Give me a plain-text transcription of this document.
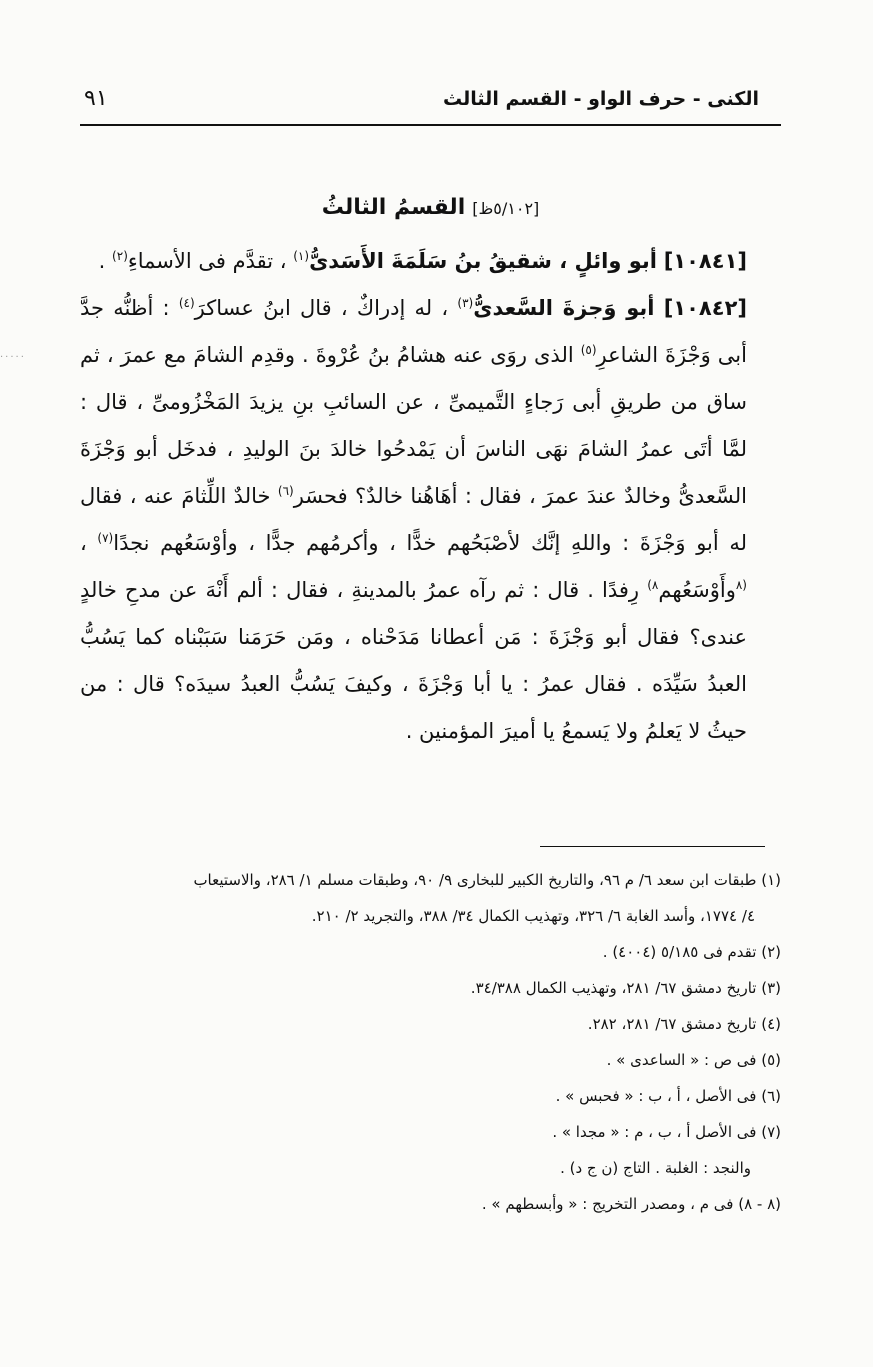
الكنى - حرف الواو - القسم الثالث
٩١
·····
[٥/١٠٢ظ] القسمُ الثالثُ

[١٠٨٤١] أبو وائلٍ ، شقيقُ بنُ سَلَمَةَ الأَسَدىُّ$^{(١)}$ ، تقدَّم فى الأسماءِ$^{(٢)}$ .

[١٠٨٤٢] أبو وَجزةَ السَّعدىُّ$^{(٣)}$ ، له إدراكٌ ، قال ابنُ عساكرَ$^{(٤)}$ : أظنُّه جدَّ أبى وَجْزَةَ الشاعرِ$^{(٥)}$ الذى روَى عنه هشامُ بنُ عُرْوةَ . وقدِم الشامَ مع عمرَ ، ثم ساق من طريقِ أبى رَجاءٍ التَّميمىِّ ، عن السائبِ بنِ يزيدَ المَخْزُومىِّ ، قال : لمَّا أتَى عمرُ الشامَ نهَى الناسَ أن يَمْدحُوا خالدَ بنَ الوليدِ ، فدخَل أبو وَجْزَةَ السَّعدىُّ وخالدٌ عندَ عمرَ ، فقال : أهَاهُنا خالدٌ؟ فحسَر$^{(٦)}$ خالدٌ اللِّثامَ عنه ، فقال له أبو وَجْزَةَ : واللهِ إنَّك لأصْبَحُهم خدًّا ، وأكرمُهم جدًّا ، وأوْسَعُهم نجدًا$^{(٧)}$ ، $^{(٨}$وأَوْسَعُهم$^{٨)}$ رِفدًا . قال : ثم رآه عمرُ بالمدينةِ ، فقال : ألم أَنْهَ عن مدحِ خالدٍ عندى؟ فقال أبو وَجْزَةَ : مَن أعطانا مَدَحْناه ، ومَن حَرَمَنا سَبَبْناه كما يَسُبُّ العبدُ سَيِّدَه . فقال عمرُ : يا أبا وَجْزَةَ ، وكيفَ يَسُبُّ العبدُ سيدَه؟ قال : من حيثُ لا يَعلمُ ولا يَسمعُ يا أميرَ المؤمنين .

(١) طبقات ابن سعد ٦/ م ٩٦، والتاريخ الكبير للبخارى ٩/ ٩٠، وطبقات مسلم ١/ ٢٨٦، والاستيعاب

٤/ ١٧٧٤، وأسد الغابة ٦/ ٣٢٦، وتهذيب الكمال ٣٤/ ٣٨٨، والتجريد ٢/ ٢١٠.

(٢) تقدم فى ٥/١٨٥ (٤٠٠٤) .

(٣) تاريخ دمشق ٦٧/ ٢٨١، وتهذيب الكمال ٣٤/٣٨٨.

(٤) تاريخ دمشق ٦٧/ ٢٨١، ٢٨٢.

(٥) فى ص : « الساعدى » .

(٦) فى الأصل ، أ ، ب : « فحبس » .

(٧) فى الأصل أ ، ب ، م : « مجدا » .

والنجد : الغلبة . التاج (ن ج د) .

(٨ - ٨) فى م ، ومصدر التخريج : « وأبسطهم » .
